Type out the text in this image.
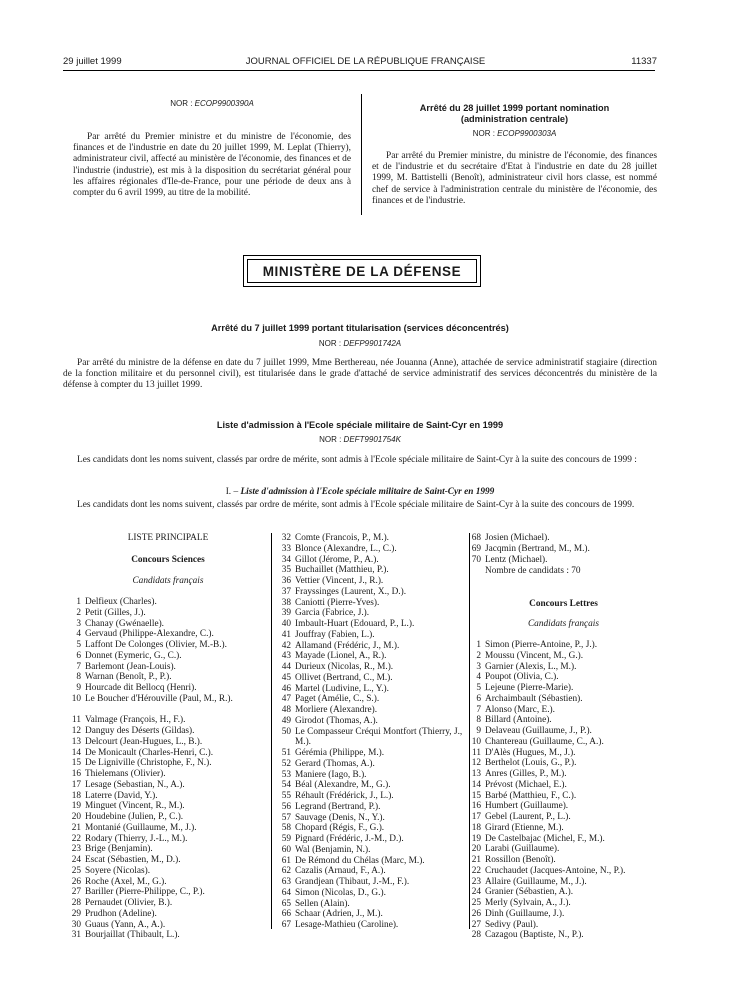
29 juillet 1999	JOURNAL OFFICIEL DE LA RÉPUBLIQUE FRANÇAISE	11337
NOR : ECOP9900390A

Par arrêté du Premier ministre et du ministre de l'économie, des finances et de l'industrie en date du 20 juillet 1999, M. Leplat (Thierry), administrateur civil, affecté au ministère de l'économie, des finances et de l'industrie (industrie), est mis à la disposition du secrétariat général pour les affaires régionales d'Ile-de-France, pour une période de deux ans à compter du 6 avril 1999, au titre de la mobilité.

Arrêté du 28 juillet 1999 portant nomination
(administration centrale)
NOR : ECOP9900303A

Par arrêté du Premier ministre, du ministre de l'économie, des finances et de l'industrie et du secrétaire d'Etat à l'industrie en date du 28 juillet 1999, M. Battistelli (Benoît), administrateur civil hors classe, est nommé chef de service à l'administration centrale du ministère de l'économie, des finances et de l'industrie.

MINISTÈRE DE LA DÉFENSE
Arrêté du 7 juillet 1999 portant titularisation (services déconcentrés)
NOR : DEFP9901742A

Par arrêté du ministre de la défense en date du 7 juillet 1999, Mme Berthereau, née Jouanna (Anne), attachée de service administratif stagiaire (direction de la fonction militaire et du personnel civil), est titularisée dans le grade d'attaché de service administratif des services déconcentrés du ministère de la défense à compter du 13 juillet 1999.

Liste d'admission à l'Ecole spéciale militaire de Saint-Cyr en 1999
NOR : DEFT9901754K

Les candidats dont les noms suivent, classés par ordre de mérite, sont admis à l'Ecole spéciale militaire de Saint-Cyr à la suite des concours de 1999 :

I. – Liste d'admission à l'Ecole spéciale militaire de Saint-Cyr en 1999

Les candidats dont les noms suivent, classés par ordre de mérite, sont admis à l'Ecole spéciale militaire de Saint-Cyr à la suite des concours de 1999.

LISTE PRINCIPALE
Concours Sciences
Candidats français
1 Delfieux (Charles).
2 Petit (Gilles, J.).
3 Chanay (Gwénaelle).
4 Gervaud (Philippe-Alexandre, C.).
5 Laffont De Colonges (Olivier, M.-B.).
6 Donnet (Eymeric, G., C.).
7 Barlemont (Jean-Louis).
8 Warnan (Benoît, P., P.).
9 Hourcade dit Bellocq (Henri).
10 Le Boucher d'Hérouville (Paul, M., R.).
11 Valmage (François, H., F.).
12 Danguy des Déserts (Gildas).
13 Delcourt (Jean-Hugues, L., B.).
14 De Monicault (Charles-Henri, C.).
15 De Ligniville (Christophe, F., N.).
16 Thielemans (Olivier).
17 Lesage (Sebastian, N., A.).
18 Laterre (David, Y.).
19 Minguet (Vincent, R., M.).
20 Houdebine (Julien, P., C.).
21 Montanié (Guillaume, M., J.).
22 Rodary (Thierry, J.-L., M.).
23 Brige (Benjamin).
24 Escat (Sébastien, M., D.).
25 Soyere (Nicolas).
26 Roche (Axel, M., G.).
27 Bariller (Pierre-Philippe, C., P.).
28 Pernaudet (Olivier, B.).
29 Prudhon (Adeline).
30 Guaus (Yann, A., A.).
31 Bourjaillat (Thibault, L.).
32 Comte (Francois, P., M.).
33 Blonce (Alexandre, L., C.).
34 Gillot (Jérome, P., A.).
35 Buchaillet (Matthieu, P.).
36 Vettier (Vincent, J., R.).
37 Frayssinges (Laurent, X., D.).
38 Caniotti (Pierre-Yves).
39 Garcia (Fabrice, J.).
40 Imbault-Huart (Edouard, P., L.).
41 Jouffray (Fabien, L.).
42 Allamand (Frédéric, J., M.).
43 Mayade (Lionel, A., R.).
44 Durieux (Nicolas, R., M.).
45 Ollivet (Bertrand, C., M.).
46 Martel (Ludivine, L., Y.).
47 Paget (Amélie, C., S.).
48 Morliere (Alexandre).
49 Girodot (Thomas, A.).
50 Le Compasseur Créqui Montfort (Thierry, J., M.).
51 Gérémia (Philippe, M.).
52 Gerard (Thomas, A.).
53 Maniere (Iago, B.).
54 Béal (Alexandre, M., G.).
55 Réhault (Frédérick, J., L.).
56 Legrand (Bertrand, P.).
57 Sauvage (Denis, N., Y.).
58 Chopard (Régis, F., G.).
59 Pignard (Frédéric, J.-M., D.).
60 Wal (Benjamin, N.).
61 De Rémond du Chélas (Marc, M.).
62 Cazalis (Arnaud, F., A.).
63 Grandjean (Thibaut, J.-M., F.).
64 Simon (Nicolas, D., G.).
65 Sellen (Alain).
66 Schaar (Adrien, J., M.).
67 Lesage-Mathieu (Caroline).
68 Josien (Michael).
69 Jacqmin (Bertrand, M., M.).
70 Lentz (Michael).
Nombre de candidats : 70
Concours Lettres
Candidats français
1 Simon (Pierre-Antoine, P., J.).
2 Moussu (Vincent, M., G.).
3 Garnier (Alexis, L., M.).
4 Poupot (Olivia, C.).
5 Lejeune (Pierre-Marie).
6 Archaimbault (Sébastien).
7 Alonso (Marc, E.).
8 Billard (Antoine).
9 Delaveau (Guillaume, J., P.).
10 Chantereau (Guillaume, C., A.).
11 D'Alès (Hugues, M., J.).
12 Berthelot (Louis, G., P.).
13 Anres (Gilles, P., M.).
14 Prévost (Michael, E.).
15 Barbé (Matthieu, F., C.).
16 Humbert (Guillaume).
17 Gebel (Laurent, P., L.).
18 Girard (Etienne, M.).
19 De Castelbajac (Michel, F., M.).
20 Larabi (Guillaume).
21 Rossillon (Benoît).
22 Cruchaudet (Jacques-Antoine, N., P.).
23 Allaire (Guillaume, M., J.).
24 Granier (Sébastien, A.).
25 Merly (Sylvain, A., J.).
26 Dinh (Guillaume, J.).
27 Sedivy (Paul).
28 Cazagou (Baptiste, N., P.).
